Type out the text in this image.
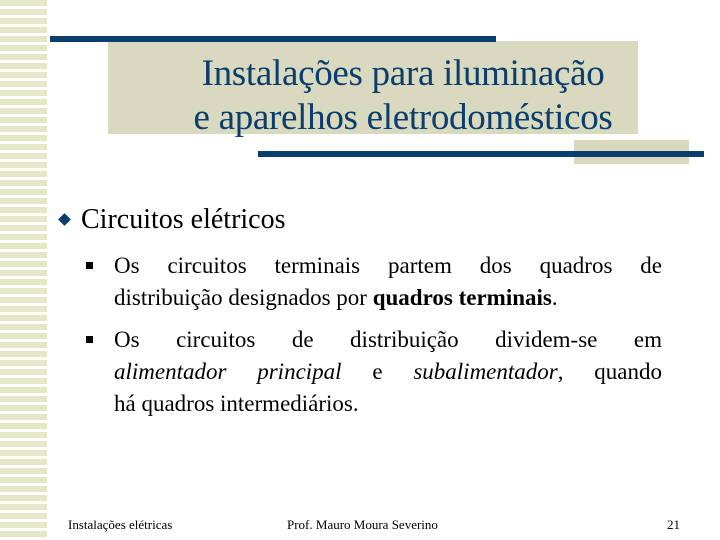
Instalações para iluminação
e aparelhos eletrodomésticos
Circuitos elétricos

Os circuitos terminais partem dos quadros de

distribuição designados por quadros terminais.

Os circuitos de distribuição dividem-se em

alimentador principal e subalimentador, quando

há quadros intermediários.

Instalações elétricas	Prof. Mauro Moura Severino	21
